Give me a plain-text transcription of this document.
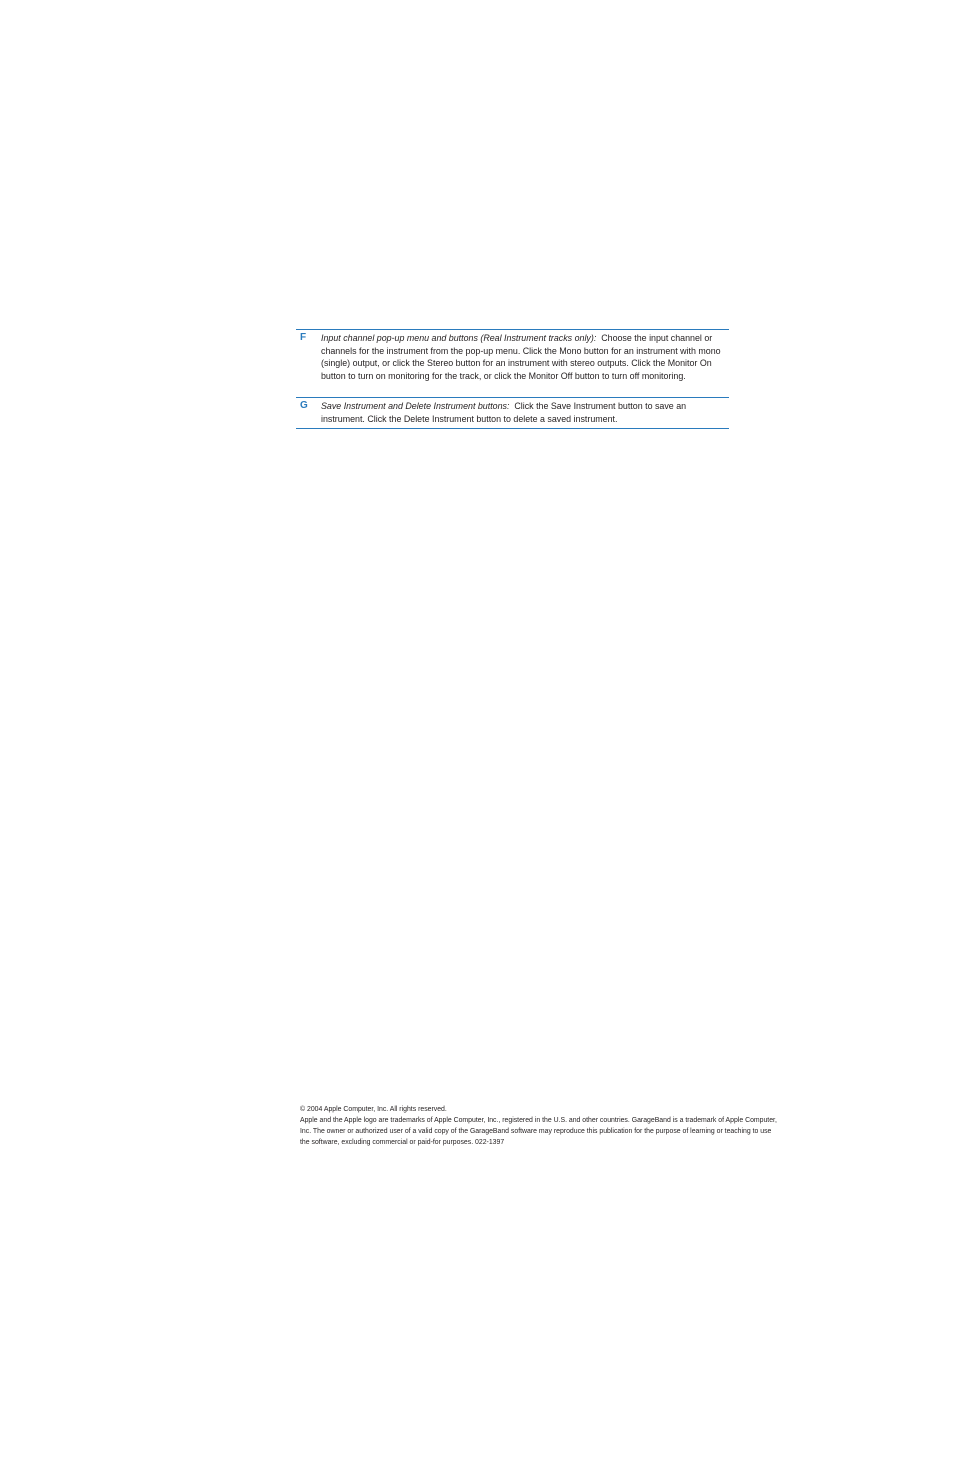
F Input channel pop-up menu and buttons (Real Instrument tracks only): Choose the input channel or channels for the instrument from the pop-up menu. Click the Mono button for an instrument with mono (single) output, or click the Stereo button for an instrument with stereo outputs. Click the Monitor On button to turn on monitoring for the track, or click the Monitor Off button to turn off monitoring.
G Save Instrument and Delete Instrument buttons: Click the Save Instrument button to save an instrument. Click the Delete Instrument button to delete a saved instrument.

© 2004 Apple Computer, Inc. All rights reserved.

Apple and the Apple logo are trademarks of Apple Computer, Inc., registered in the U.S. and other countries. GarageBand is a trademark of Apple Computer, Inc. The owner or authorized user of a valid copy of the GarageBand software may reproduce this publication for the purpose of learning or teaching to use the software, excluding commercial or paid-for purposes. 022-1397
